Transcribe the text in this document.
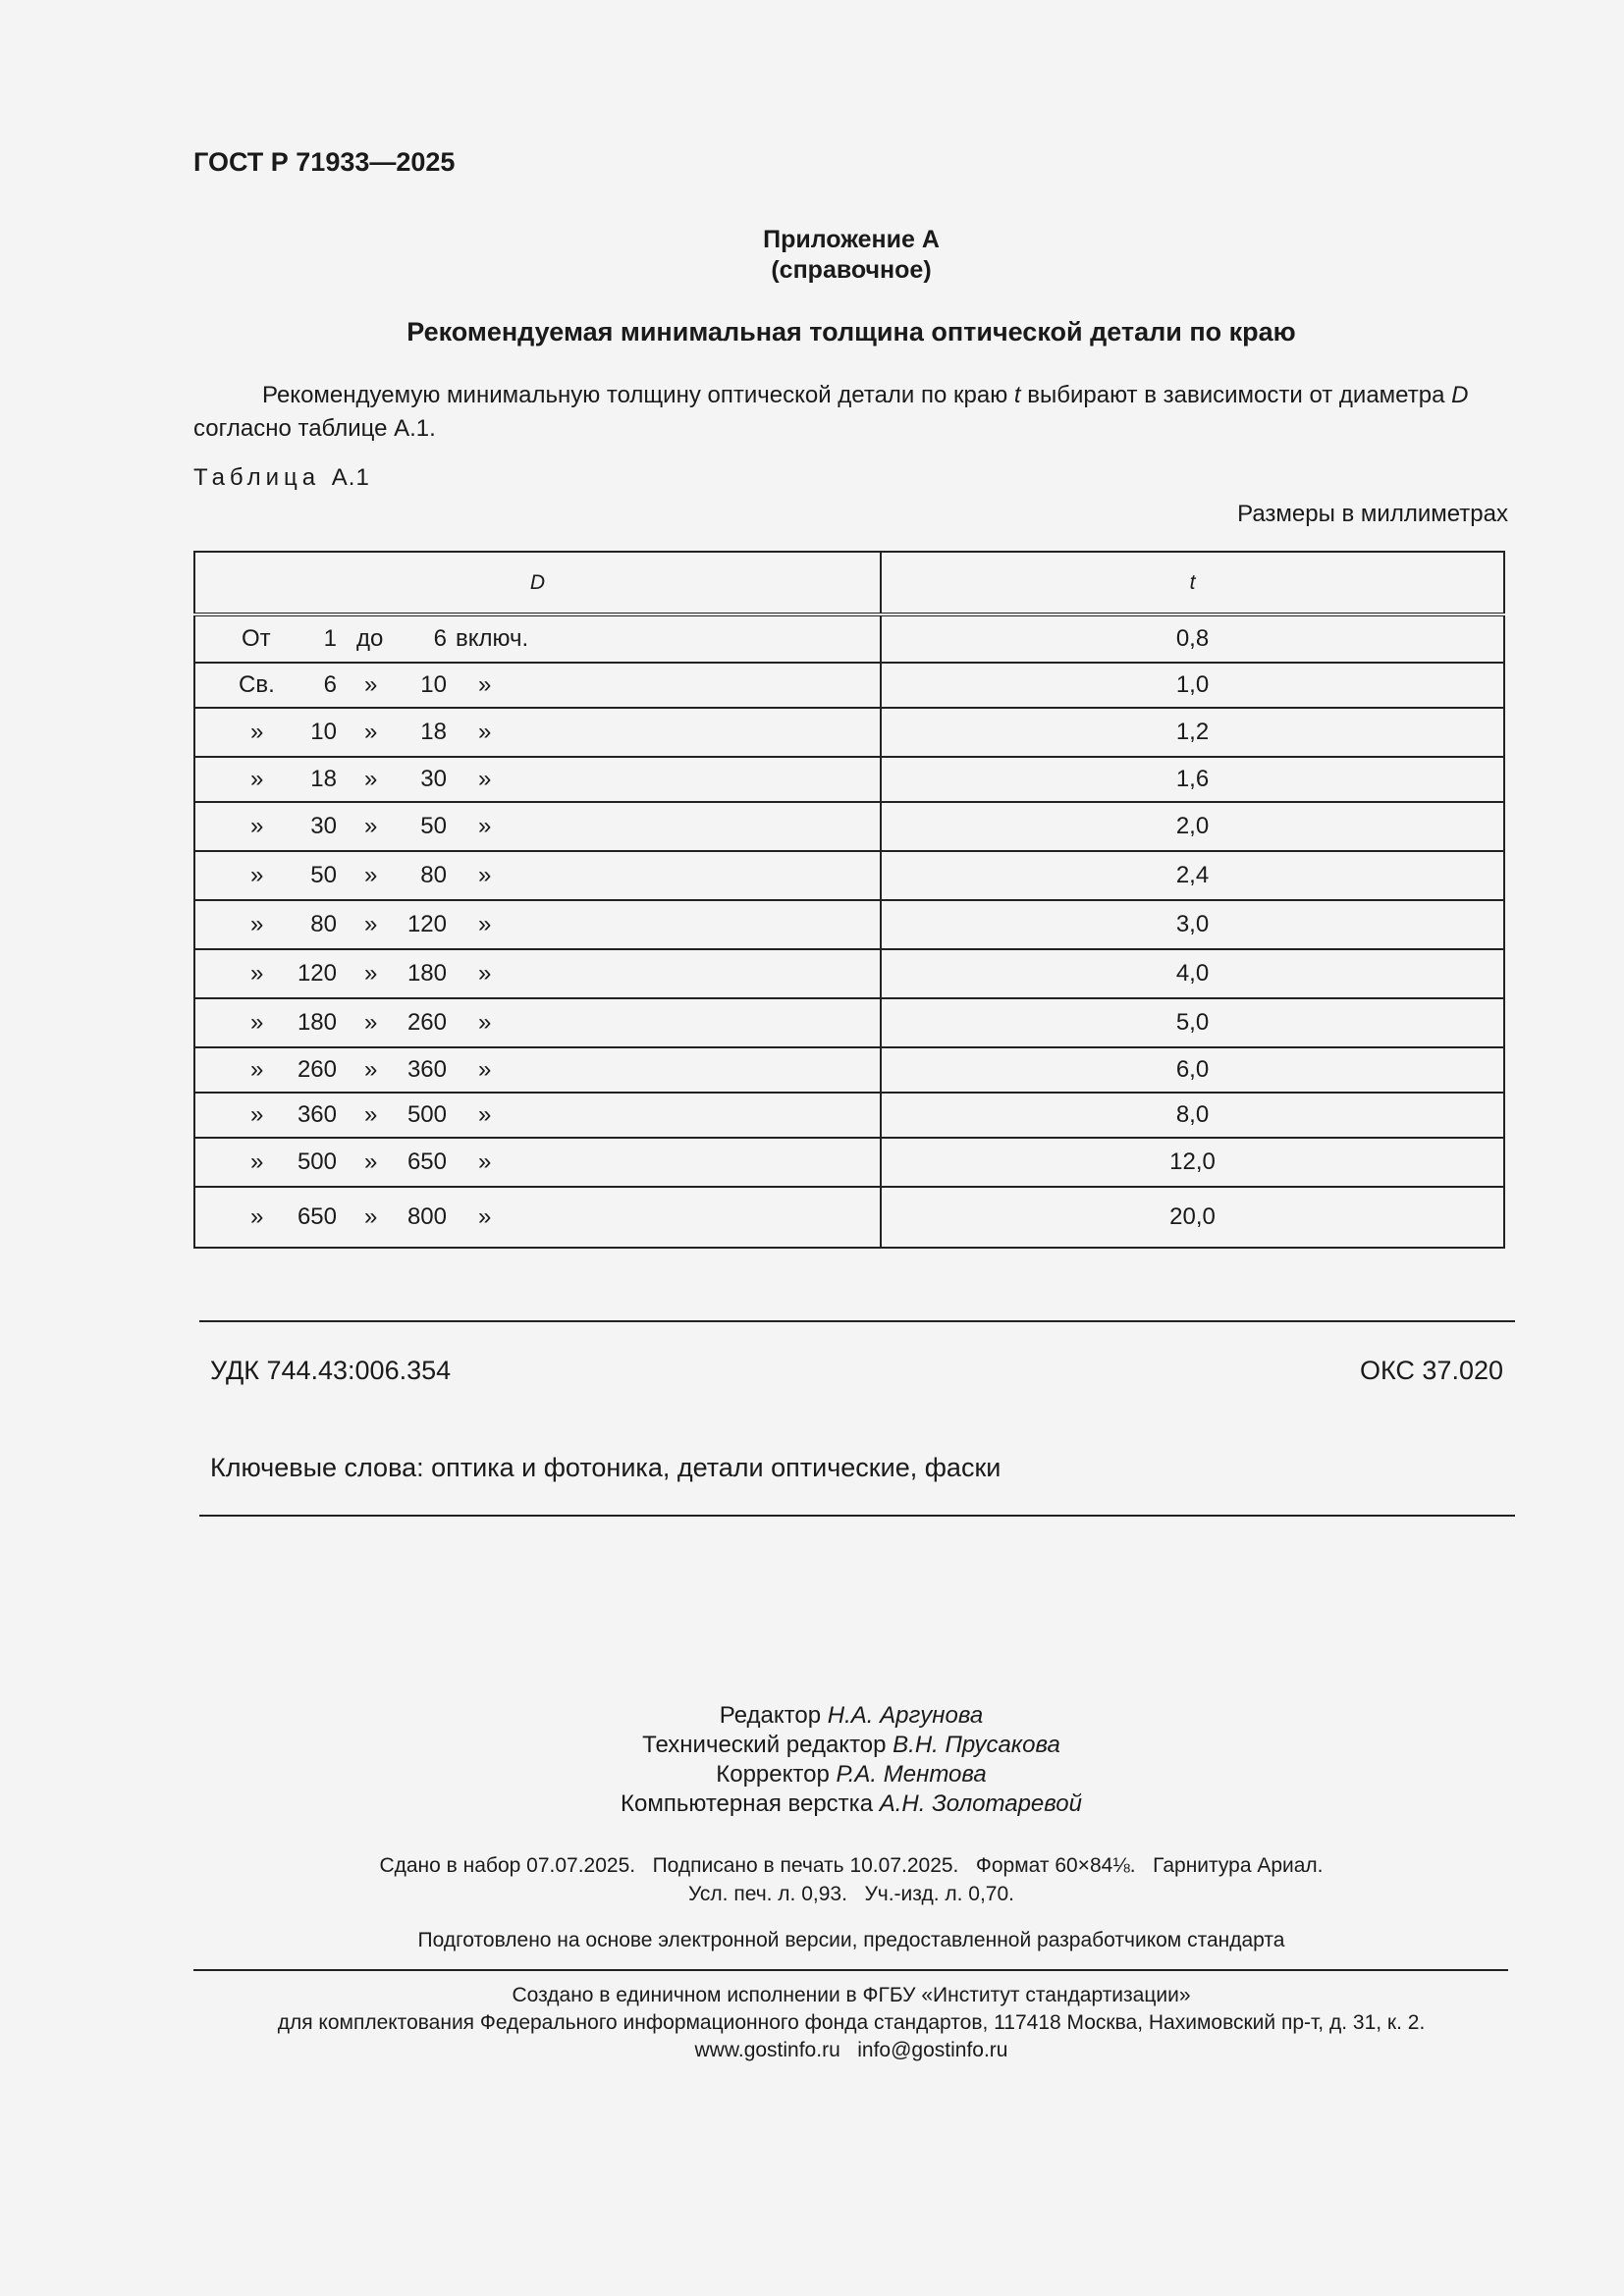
ГОСТ Р 71933—2025
Приложение А
(справочное)
Рекомендуемая минимальная толщина оптической детали по краю
Рекомендуемую минимальную толщину оптической детали по краю t выбирают в зависимости от диаметра D согласно таблице А.1.
Таблица А.1
Размеры в миллиметрах
D	t

От 1 до 6 включ.	0,8

Св. 6 » 10 »	1,0

» 10 » 18 »	1,2

» 18 » 30 »	1,6

» 30 » 50 »	2,0

» 50 » 80 »	2,4

» 80 » 120 »	3,0

» 120 » 180 »	4,0

» 180 » 260 »	5,0

» 260 » 360 »	6,0

» 360 » 500 »	8,0

» 500 » 650 »	12,0

» 650 » 800 »	20,0
УДК 744.43:006.354	ОКС 37.020
Ключевые слова: оптика и фотоника, детали оптические, фаски
Редактор Н.А. Аргунова
Технический редактор В.Н. Прусакова
Корректор Р.А. Ментова
Компьютерная верстка А.Н. Золотаревой
Сдано в набор 07.07.2025.   Подписано в печать 10.07.2025.   Формат 60×84⅛.   Гарнитура Ариал.
Усл. печ. л. 0,93.   Уч.-изд. л. 0,70.
Подготовлено на основе электронной версии, предоставленной разработчиком стандарта
Создано в единичном исполнении в ФГБУ «Институт стандартизации»
для комплектования Федерального информационного фонда стандартов, 117418 Москва, Нахимовский пр-т, д. 31, к. 2.
www.gostinfo.ru   info@gostinfo.ru
